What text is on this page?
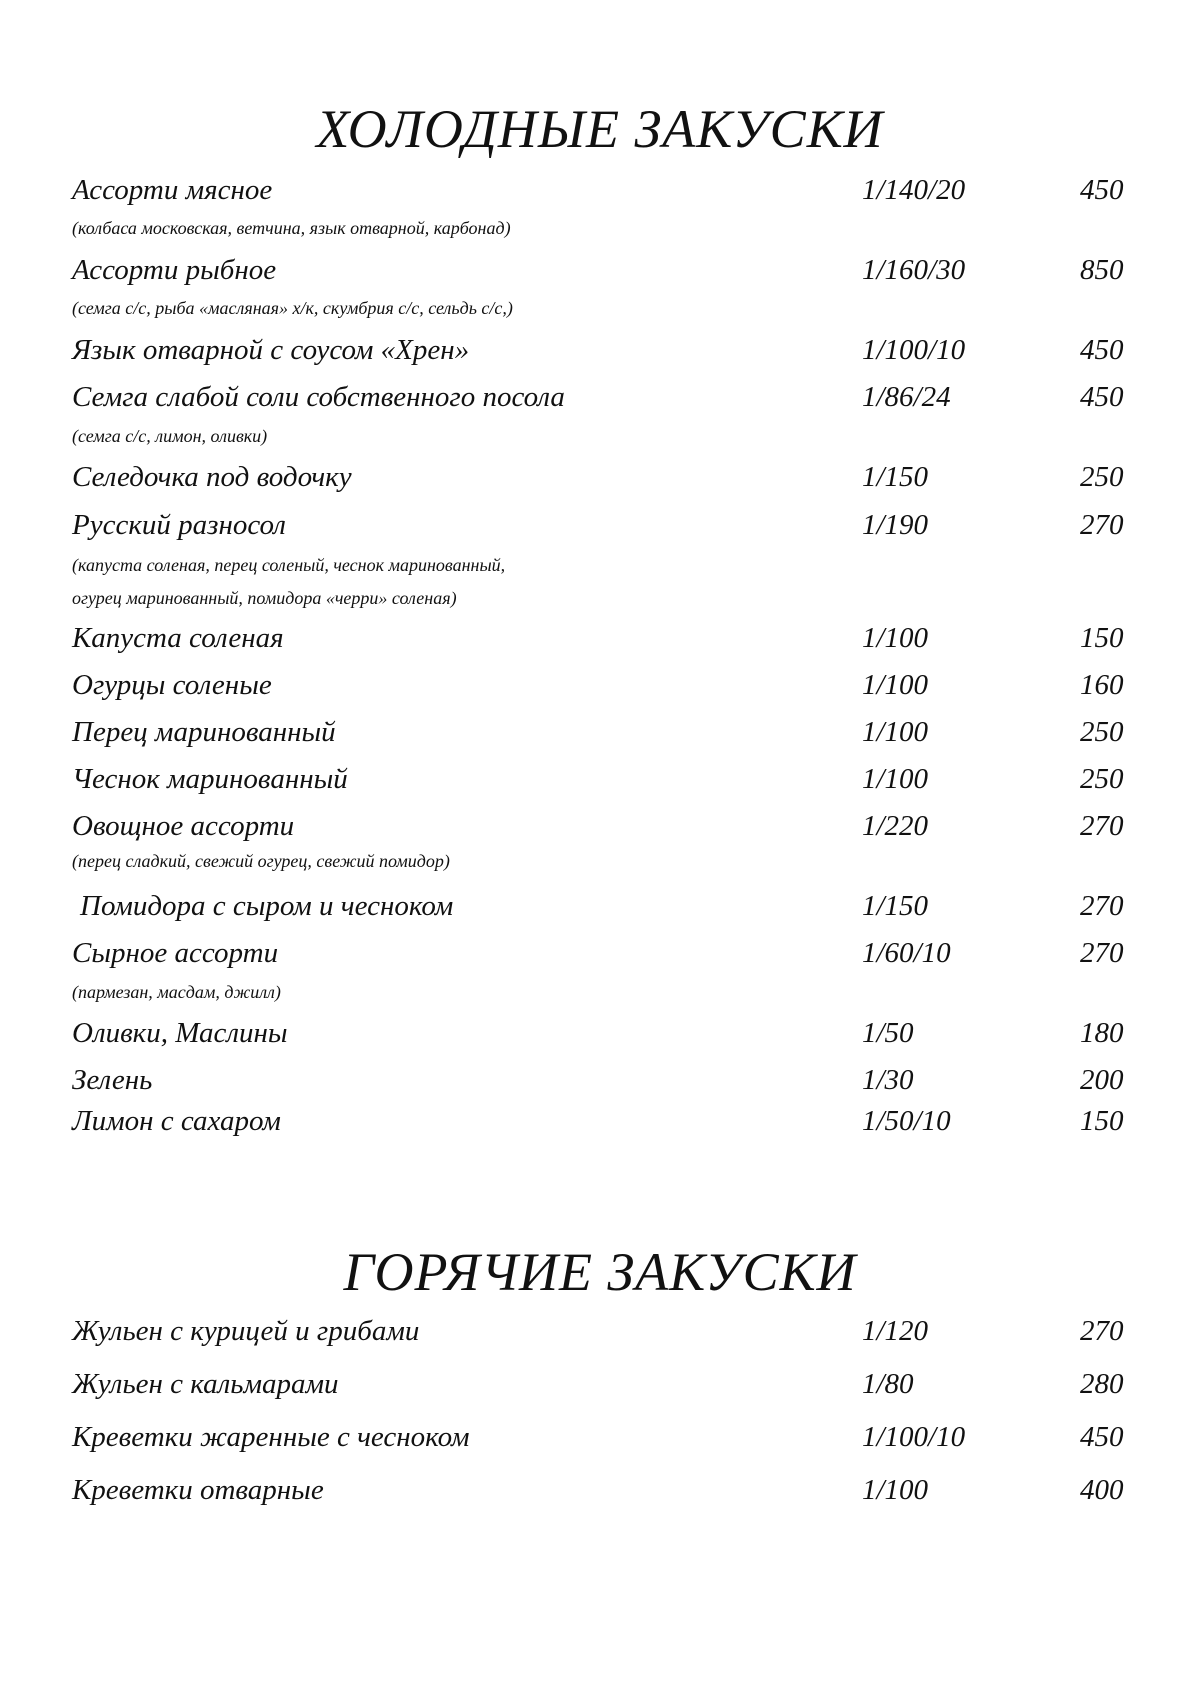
ХОЛОДНЫЕ ЗАКУСКИ
Ассорти мясное	1/140/20	450
(колбаса московская, ветчина, язык отварной, карбонад)
Ассорти рыбное	1/160/30	850
(семга с/с, рыба «масляная» х/к, скумбрия с/с, сельдь с/с,)
Язык отварной с соусом «Хрен»	1/100/10	450
Семга слабой соли собственного посола	1/86/24	450
(семга с/с, лимон, оливки)
Селедочка под водочку	1/150	250
Русский разносол	1/190	270
(капуста соленая, перец соленый, чеснок маринованный,
огурец маринованный, помидора «черри» соленая)
Капуста соленая	1/100	150
Огурцы соленые	1/100	160
Перец маринованный	1/100	250
Чеснок маринованный	1/100	250
Овощное ассорти	1/220	270
(перец сладкий, свежий огурец, свежий помидор)
Помидора с сыром и чесноком	1/150	270
Сырное ассорти	1/60/10	270
(пармезан, масдам, джилл)
Оливки, Маслины	1/50	180
Зелень	1/30	200
Лимон с сахаром	1/50/10	150
ГОРЯЧИЕ ЗАКУСКИ
Жульен с курицей и грибами	1/120	270
Жульен с кальмарами	1/80	280
Креветки жаренные с чесноком	1/100/10	450
Креветки отварные	1/100	400
